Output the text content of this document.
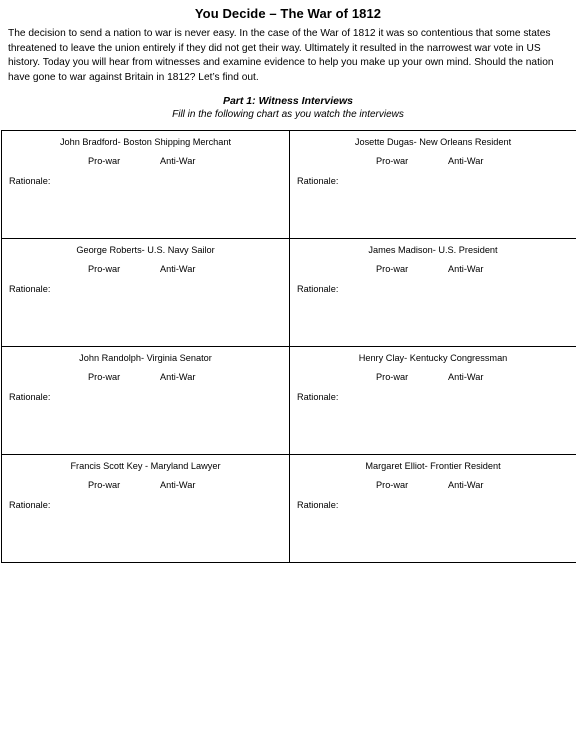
You Decide – The War of 1812

The decision to send a nation to war is never easy. In the case of the War of 1812 it was so contentious that some states threatened to leave the union entirely if they did not get their way. Ultimately it resulted in the narrowest war vote in US history. Today you will hear from witnesses and examine evidence to help you make up your own mind. Should the nation have gone to war against Britain in 1812? Let’s find out.

Part 1: Witness Interviews
Fill in the following chart as you watch the interviews
John Bradford- Boston Shipping Merchant
Pro-war	Anti-War
Rationale:
Josette Dugas- New Orleans Resident
Pro-war	Anti-War
Rationale:
George Roberts- U.S. Navy Sailor
Pro-war	Anti-War
Rationale:
James Madison- U.S. President
Pro-war	Anti-War
Rationale:
John Randolph- Virginia Senator
Pro-war	Anti-War
Rationale:
Henry Clay- Kentucky Congressman
Pro-war	Anti-War
Rationale:
Francis Scott Key - Maryland Lawyer
Pro-war	Anti-War
Rationale:
Margaret Elliot- Frontier Resident
Pro-war	Anti-War
Rationale:
